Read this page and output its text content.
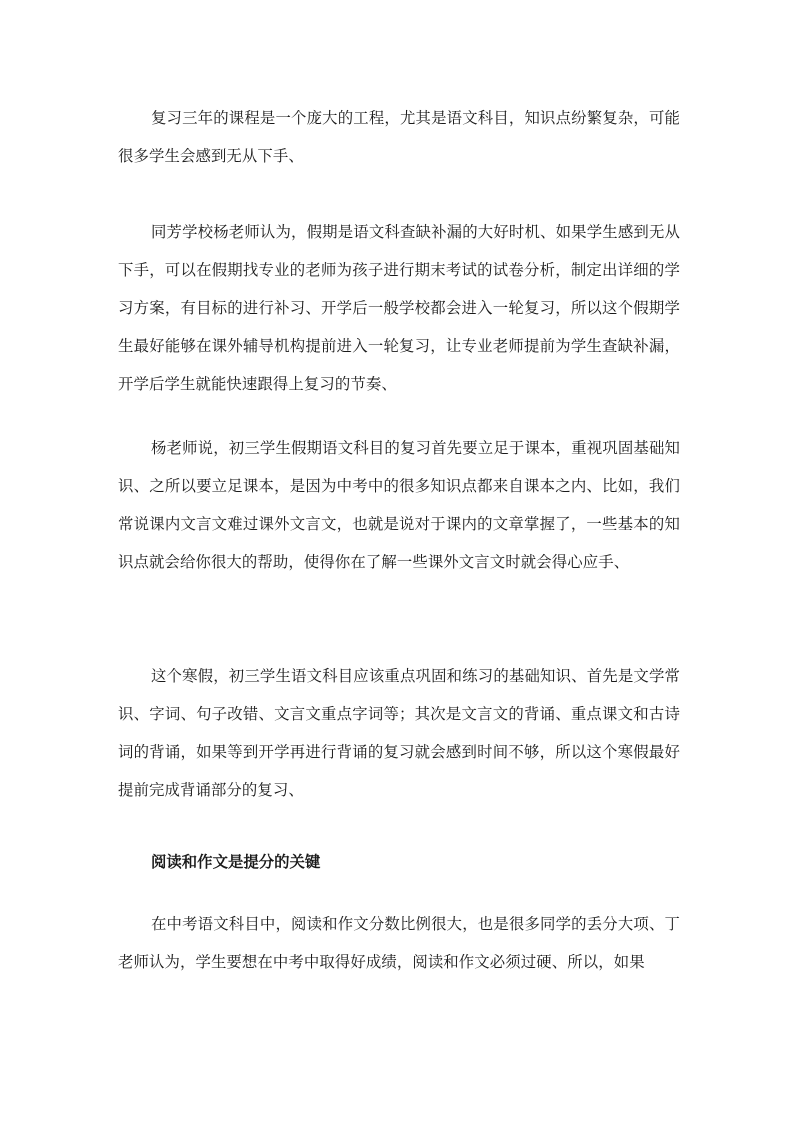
复习三年的课程是一个庞大的工程，尤其是语文科目，知识点纷繁复杂，可能很多学生会感到无从下手、

同芳学校杨老师认为，假期是语文科查缺补漏的大好时机、如果学生感到无从下手，可以在假期找专业的老师为孩子进行期末考试的试卷分析，制定出详细的学习方案，有目标的进行补习、开学后一般学校都会进入一轮复习，所以这个假期学生最好能够在课外辅导机构提前进入一轮复习，让专业老师提前为学生查缺补漏，开学后学生就能快速跟得上复习的节奏、

杨老师说，初三学生假期语文科目的复习首先要立足于课本，重视巩固基础知识、之所以要立足课本，是因为中考中的很多知识点都来自课本之内、比如，我们常说课内文言文难过课外文言文，也就是说对于课内的文章掌握了，一些基本的知识点就会给你很大的帮助，使得你在了解一些课外文言文时就会得心应手、

这个寒假，初三学生语文科目应该重点巩固和练习的基础知识、首先是文学常识、字词、句子改错、文言文重点字词等；其次是文言文的背诵、重点课文和古诗词的背诵，如果等到开学再进行背诵的复习就会感到时间不够，所以这个寒假最好提前完成背诵部分的复习、

阅读和作文是提分的关键

在中考语文科目中，阅读和作文分数比例很大，也是很多同学的丢分大项、丁老师认为，学生要想在中考中取得好成绩，阅读和作文必须过硬、所以，如果
